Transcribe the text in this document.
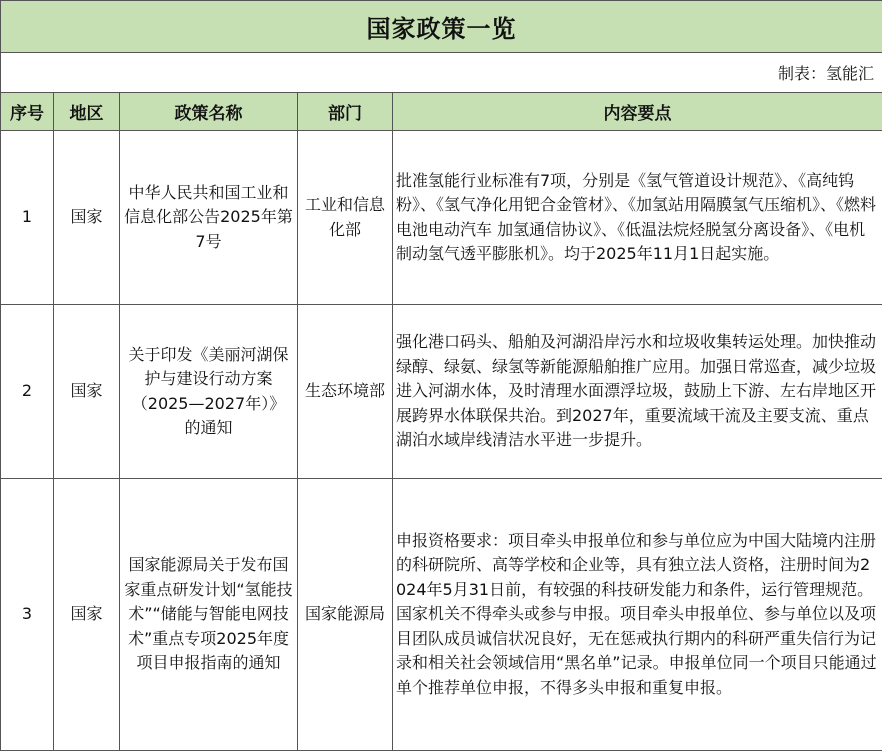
国家政策一览				
制表：氢能汇				
序号	地区	政策名称	部门	内容要点
1	国家	中华人民共和国工业和信息化部公告2025年第7号	工业和信息化部	批准氢能行业标准有7项，分别是《氢气管道设计规范》、《高纯钨粉》、《氢气净化用钯合金管材》、《加氢站用隔膜氢气压缩机》、《燃料电池电动汽车 加氢通信协议》、《低温法烷烃脱氢分离设备》、《电机制动氢气透平膨胀机》。均于2025年11月1日起实施。
2	国家	关于印发《美丽河湖保护与建设行动方案（2025—2027年）》的通知	生态环境部	强化港口码头、船舶及河湖沿岸污水和垃圾收集转运处理。加快推动绿醇、绿氨、绿氢等新能源船舶推广应用。加强日常巡查，减少垃圾进入河湖水体，及时清理水面漂浮垃圾，鼓励上下游、左右岸地区开展跨界水体联保共治。到2027年，重要流域干流及主要支流、重点湖泊水域岸线清洁水平进一步提升。
3	国家	国家能源局关于发布国家重点研发计划“氢能技术”“储能与智能电网技术”重点专项2025年度项目申报指南的通知	国家能源局	申报资格要求：项目牵头申报单位和参与单位应为中国大陆境内注册的科研院所、高等学校和企业等，具有独立法人资格，注册时间为2024年5月31日前，有较强的科技研发能力和条件，运行管理规范。国家机关不得牵头或参与申报。项目牵头申报单位、参与单位以及项目团队成员诚信状况良好，无在惩戒执行期内的科研严重失信行为记录和相关社会领域信用“黑名单”记录。申报单位同一个项目只能通过单个推荐单位申报，不得多头申报和重复申报。
